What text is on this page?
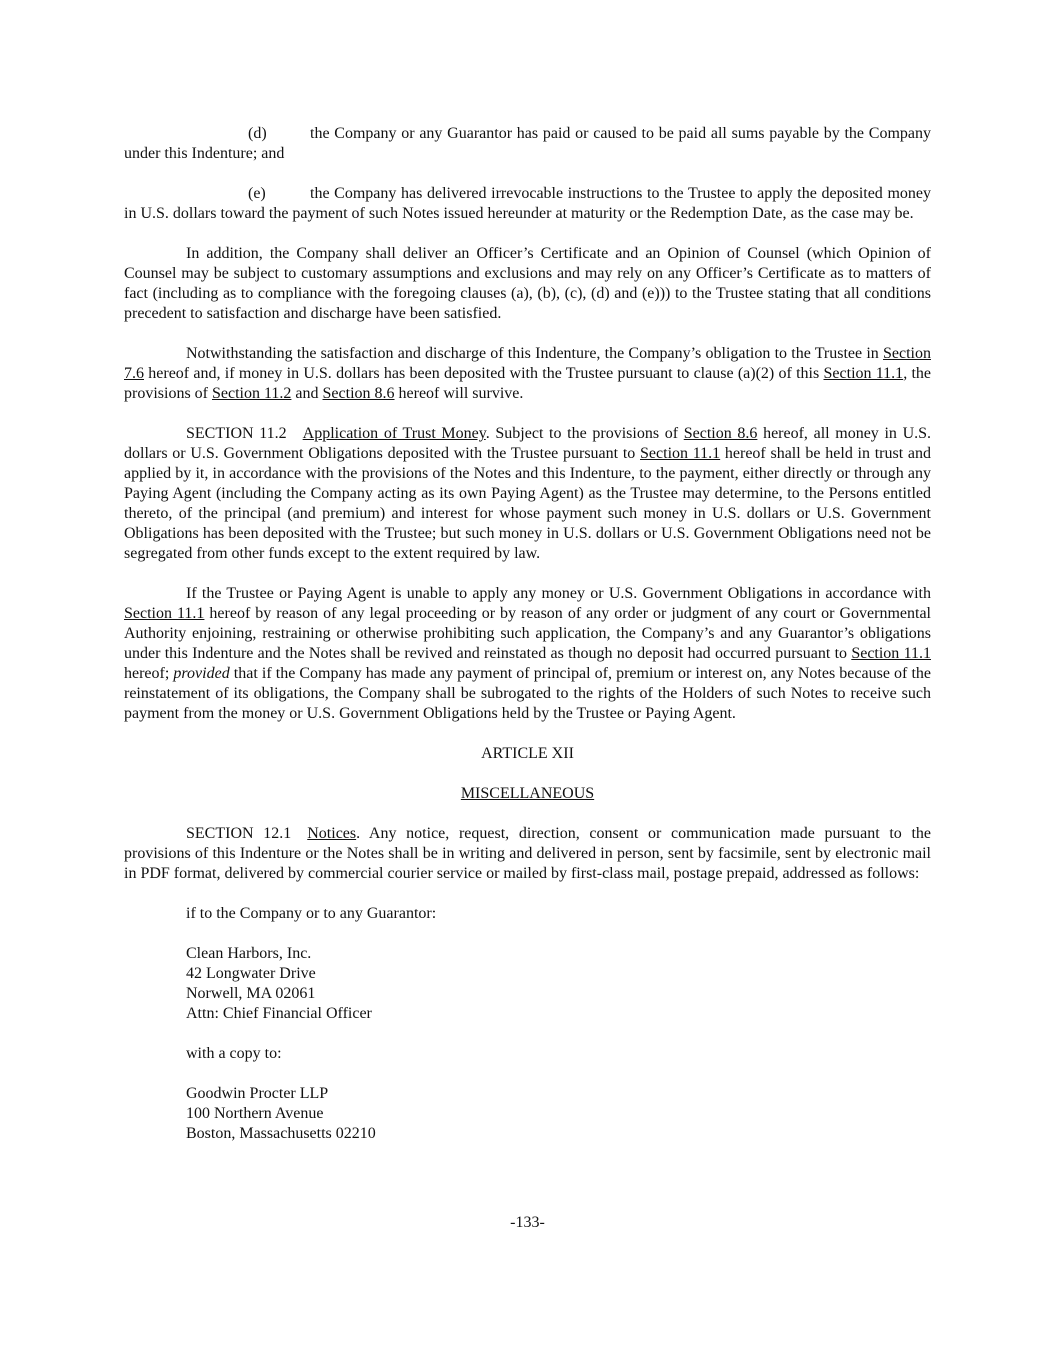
(d)	the Company or any Guarantor has paid or caused to be paid all sums payable by the Company under this Indenture; and

(e)	the Company has delivered irrevocable instructions to the Trustee to apply the deposited money in U.S. dollars toward the payment of such Notes issued hereunder at maturity or the Redemption Date, as the case may be.

In addition, the Company shall deliver an Officer’s Certificate and an Opinion of Counsel (which Opinion of Counsel may be subject to customary assumptions and exclusions and may rely on any Officer’s Certificate as to matters of fact (including as to compliance with the foregoing clauses (a), (b), (c), (d) and (e))) to the Trustee stating that all conditions precedent to satisfaction and discharge have been satisfied.

Notwithstanding the satisfaction and discharge of this Indenture, the Company’s obligation to the Trustee in Section 7.6 hereof and, if money in U.S. dollars has been deposited with the Trustee pursuant to clause (a)(2) of this Section 11.1, the provisions of Section 11.2 and Section 8.6 hereof will survive.

SECTION 11.2 Application of Trust Money. Subject to the provisions of Section 8.6 hereof, all money in U.S. dollars or U.S. Government Obligations deposited with the Trustee pursuant to Section 11.1 hereof shall be held in trust and applied by it, in accordance with the provisions of the Notes and this Indenture, to the payment, either directly or through any Paying Agent (including the Company acting as its own Paying Agent) as the Trustee may determine, to the Persons entitled thereto, of the principal (and premium) and interest for whose payment such money in U.S. dollars or U.S. Government Obligations has been deposited with the Trustee; but such money in U.S. dollars or U.S. Government Obligations need not be segregated from other funds except to the extent required by law.

If the Trustee or Paying Agent is unable to apply any money or U.S. Government Obligations in accordance with Section 11.1 hereof by reason of any legal proceeding or by reason of any order or judgment of any court or Governmental Authority enjoining, restraining or otherwise prohibiting such application, the Company’s and any Guarantor’s obligations under this Indenture and the Notes shall be revived and reinstated as though no deposit had occurred pursuant to Section 11.1 hereof; provided that if the Company has made any payment of principal of, premium or interest on, any Notes because of the reinstatement of its obligations, the Company shall be subrogated to the rights of the Holders of such Notes to receive such payment from the money or U.S. Government Obligations held by the Trustee or Paying Agent.

ARTICLE XII
MISCELLANEOUS

SECTION 12.1 Notices. Any notice, request, direction, consent or communication made pursuant to the provisions of this Indenture or the Notes shall be in writing and delivered in person, sent by facsimile, sent by electronic mail in PDF format, delivered by commercial courier service or mailed by first-class mail, postage prepaid, addressed as follows:

if to the Company or to any Guarantor:
Clean Harbors, Inc.
42 Longwater Drive
Norwell, MA 02061
Attn: Chief Financial Officer
with a copy to:
Goodwin Procter LLP
100 Northern Avenue
Boston, Massachusetts 02210
-133-
